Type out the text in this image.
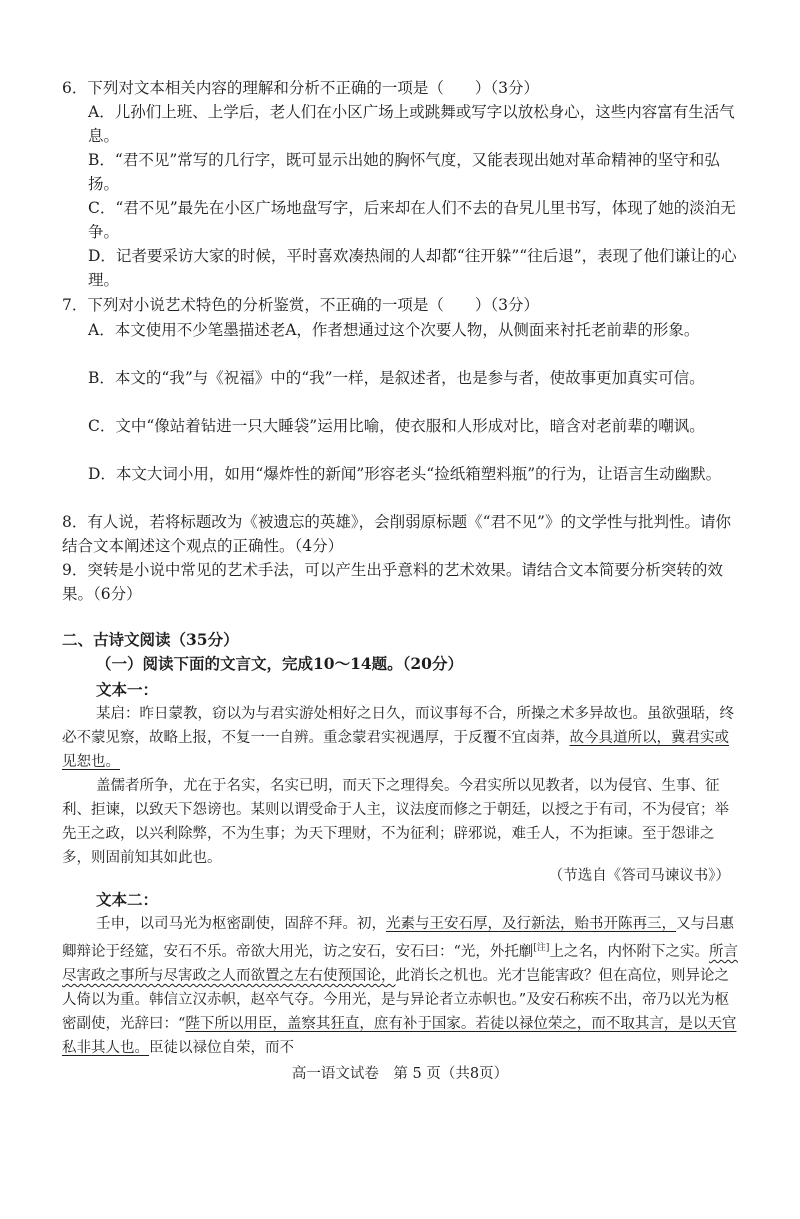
6．下列对文本相关内容的理解和分析不正确的一项是（　　）（3分）
A．儿孙们上班、上学后，老人们在小区广场上或跳舞或写字以放松身心，这些内容富有生活气息。
B．“君不见”常写的几行字，既可显示出她的胸怀气度，又能表现出她对革命精神的坚守和弘扬。
C．“君不见”最先在小区广场地盘写字，后来却在人们不去的旮旯儿里书写，体现了她的淡泊无争。
D．记者要采访大家的时候，平时喜欢凑热闹的人却都“往开躲”“往后退”，表现了他们谦让的心理。
7．下列对小说艺术特色的分析鉴赏，不正确的一项是（　　）（3分）
A．本文使用不少笔墨描述老A，作者想通过这个次要人物，从侧面来衬托老前辈的形象。
B．本文的“我”与《祝福》中的“我”一样，是叙述者，也是参与者，使故事更加真实可信。
C．文中“像站着钻进一只大睡袋”运用比喻，使衣服和人形成对比，暗含对老前辈的嘲讽。
D．本文大词小用，如用“爆炸性的新闻”形容老头“捡纸箱塑料瓶”的行为，让语言生动幽默。
8．有人说，若将标题改为《被遗忘的英雄》，会削弱原标题《“君不见”》的文学性与批判性。请你结合文本阐述这个观点的正确性。（4分）
9．突转是小说中常见的艺术手法，可以产生出乎意料的艺术效果。请结合文本简要分析突转的效果。（6分）
二、古诗文阅读（35分）
（一）阅读下面的文言文，完成10～14题。（20分）
文本一：
某启：昨日蒙教，窃以为与君实游处相好之日久，而议事每不合，所操之术多异故也。虽欲强聒，终必不蒙见察，故略上报，不复一一自辨。重念蒙君实视遇厚，于反覆不宜卤莽，故今具道所以，冀君实或见恕也。
盖儒者所争，尤在于名实，名实已明，而天下之理得矣。今君实所以见教者，以为侵官、生事、征利、拒谏，以致天下怨谤也。某则以谓受命于人主，议法度而修之于朝廷，以授之于有司，不为侵官；举先王之政，以兴利除弊，不为生事；为天下理财，不为征利；辟邪说，难壬人，不为拒谏。至于怨诽之多，则固前知其如此也。
（节选自《答司马谏议书》）
文本二：
壬申，以司马光为枢密副使，固辞不拜。初，光素与王安石厚，及行新法，贻书开陈再三，又与吕惠卿辩论于经筵，安石不乐。帝欲大用光，访之安石，安石曰：“光，外托劘[注]上之名，内怀附下之实。所言尽害政之事所与尽害政之人而欲置之左右使预国论，此消长之机也。光才岂能害政？但在高位，则异论之人倚以为重。韩信立汉赤帜，赵卒气夺。今用光，是与异论者立赤帜也。”及安石称疾不出，帝乃以光为枢密副使，光辞曰：“陛下所以用臣，盖察其狂直，庶有补于国家。若徒以禄位荣之，而不取其言，是以天官私非其人也。臣徒以禄位自荣，而不
高一语文试卷　第 5 页（共8页）
